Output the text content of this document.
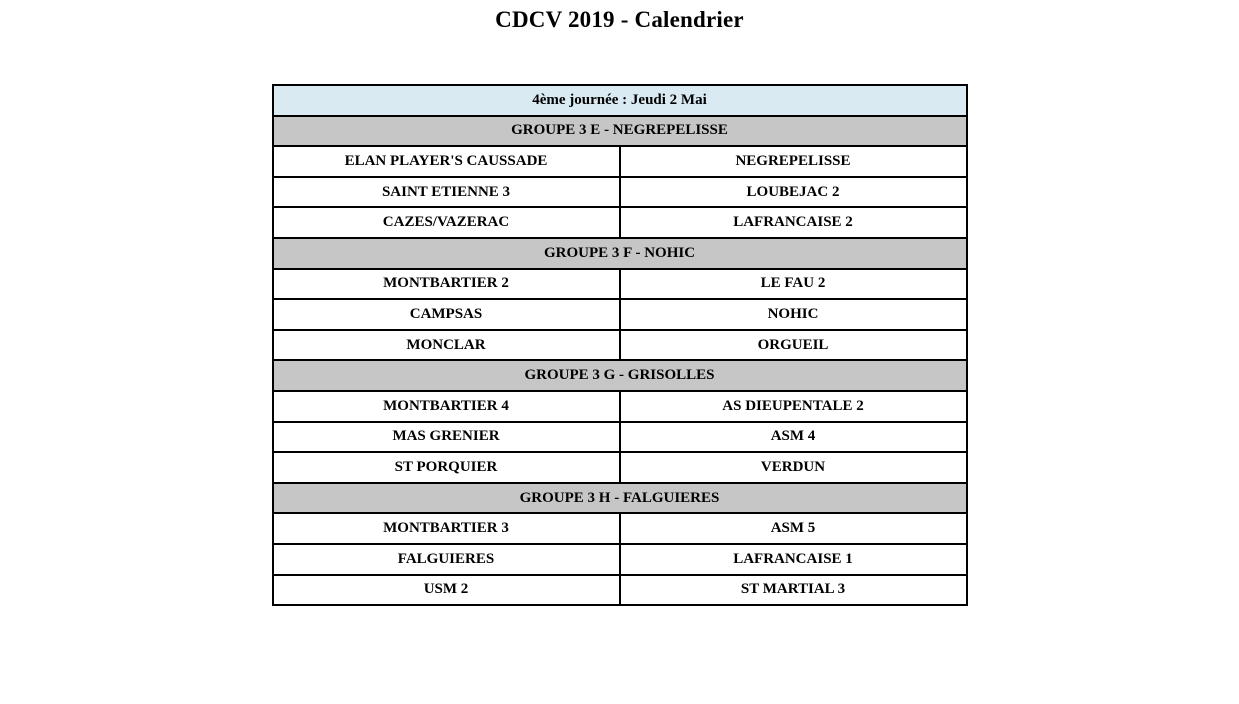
CDCV 2019 - Calendrier
4ème journée : Jeudi 2 Mai	
GROUPE 3 E - NEGREPELISSE	
ELAN PLAYER'S CAUSSADE	NEGREPELISSE
SAINT ETIENNE 3	LOUBEJAC 2
CAZES/VAZERAC	LAFRANCAISE 2
GROUPE 3 F - NOHIC	
MONTBARTIER 2	LE FAU 2
CAMPSAS	NOHIC
MONCLAR	ORGUEIL
GROUPE 3 G - GRISOLLES	
MONTBARTIER 4	AS DIEUPENTALE 2
MAS GRENIER	ASM 4
ST PORQUIER	VERDUN
GROUPE 3 H - FALGUIERES	
MONTBARTIER 3	ASM 5
FALGUIERES	LAFRANCAISE 1
USM 2	ST MARTIAL 3
